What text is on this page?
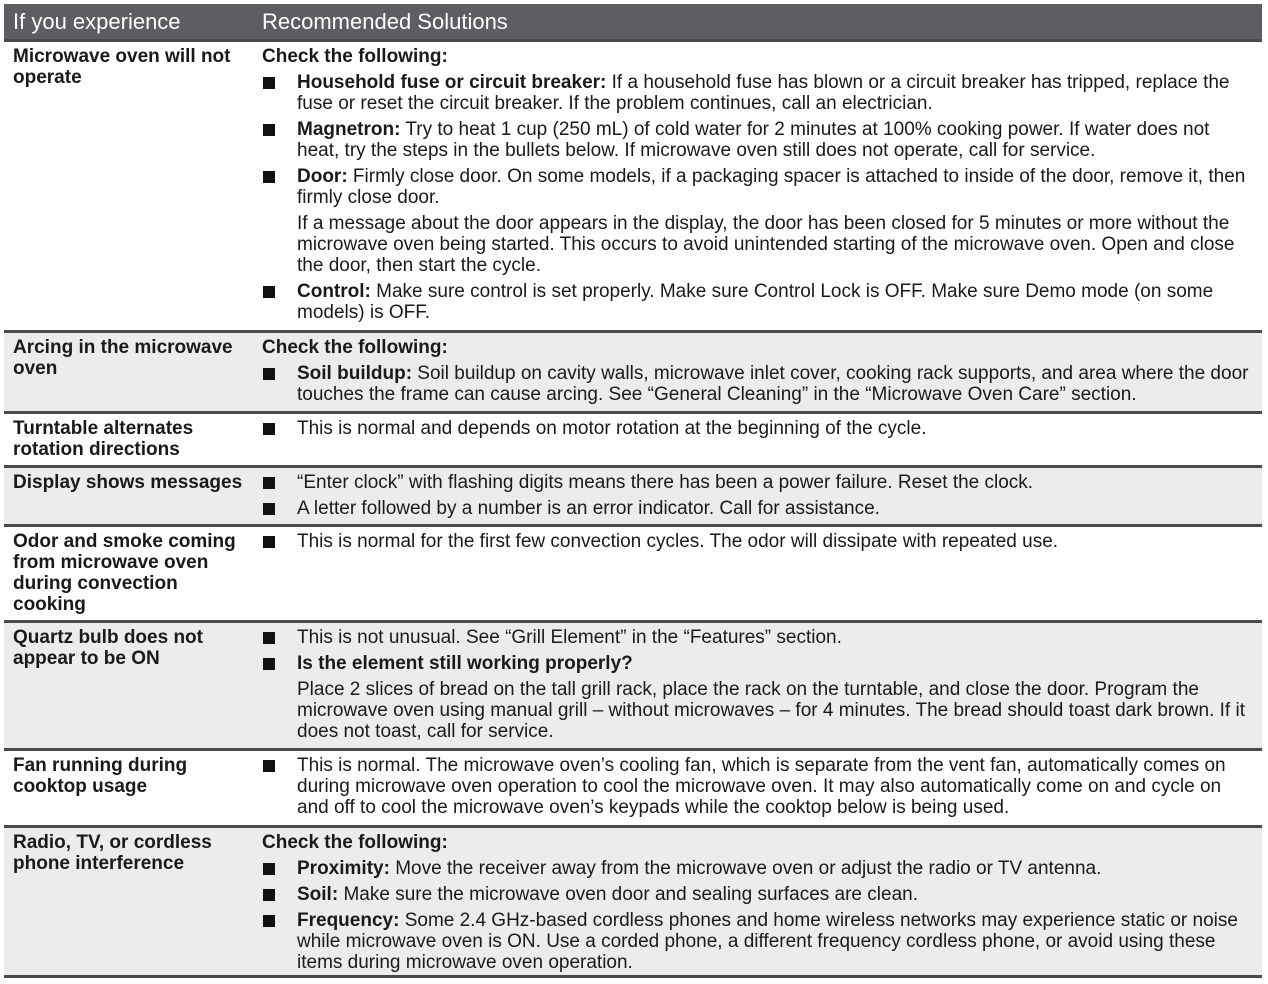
If you experience	Recommended Solutions
Microwave oven will not operate
Check the following:
Household fuse or circuit breaker: If a household fuse has blown or a circuit breaker has tripped, replace the fuse or reset the circuit breaker. If the problem continues, call an electrician.
Magnetron: Try to heat 1 cup (250 mL) of cold water for 2 minutes at 100% cooking power. If water does not heat, try the steps in the bullets below. If microwave oven still does not operate, call for service.
Door: Firmly close door. On some models, if a packaging spacer is attached to inside of the door, remove it, then firmly close door.
If a message about the door appears in the display, the door has been closed for 5 minutes or more without the microwave oven being started. This occurs to avoid unintended starting of the microwave oven. Open and close the door, then start the cycle.
Control: Make sure control is set properly. Make sure Control Lock is OFF. Make sure Demo mode (on some models) is OFF.
Arcing in the microwave oven
Check the following:
Soil buildup: Soil buildup on cavity walls, microwave inlet cover, cooking rack supports, and area where the door touches the frame can cause arcing. See “General Cleaning” in the “Microwave Oven Care” section.
Turntable alternates rotation directions
This is normal and depends on motor rotation at the beginning of the cycle.
Display shows messages	“Enter clock” with flashing digits means there has been a power failure. Reset the clock.
A letter followed by a number is an error indicator. Call for assistance.
Odor and smoke coming from microwave oven during convection cooking
This is normal for the first few convection cycles. The odor will dissipate with repeated use.
Quartz bulb does not appear to be ON
This is not unusual. See “Grill Element” in the “Features” section.
Is the element still working properly?
Place 2 slices of bread on the tall grill rack, place the rack on the turntable, and close the door. Program the microwave oven using manual grill – without microwaves – for 4 minutes. The bread should toast dark brown. If it does not toast, call for service.
Fan running during cooktop usage
This is normal. The microwave oven’s cooling fan, which is separate from the vent fan, automatically comes on during microwave oven operation to cool the microwave oven. It may also automatically come on and cycle on and off to cool the microwave oven’s keypads while the cooktop below is being used.
Radio, TV, or cordless phone interference
Check the following:
Proximity: Move the receiver away from the microwave oven or adjust the radio or TV antenna.
Soil: Make sure the microwave oven door and sealing surfaces are clean.
Frequency: Some 2.4 GHz-based cordless phones and home wireless networks may experience static or noise while microwave oven is ON. Use a corded phone, a different frequency cordless phone, or avoid using these items during microwave oven operation.
